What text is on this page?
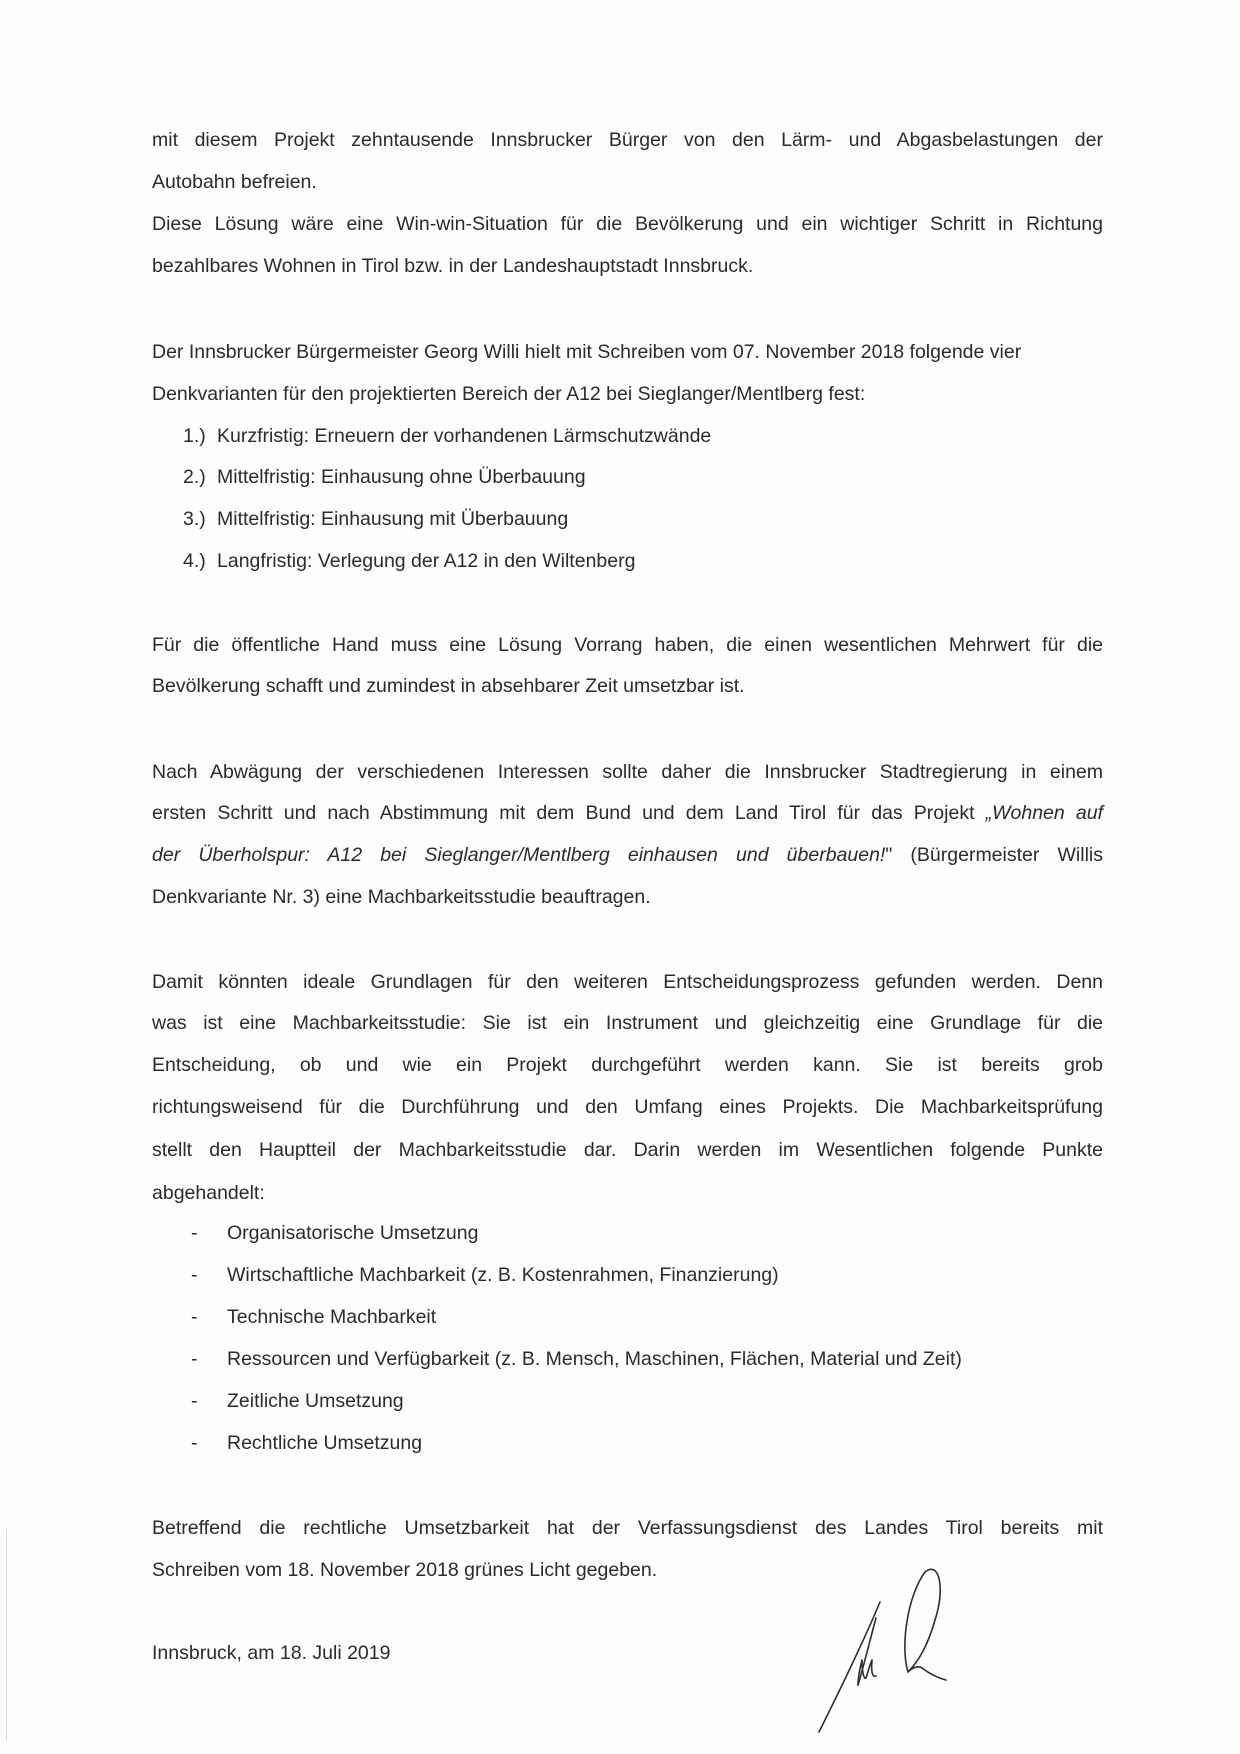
mit diesem Projekt zehntausende Innsbrucker Bürger von den Lärm- und Abgasbelastungen der
Autobahn befreien.
Diese Lösung wäre eine Win-win-Situation für die Bevölkerung und ein wichtiger Schritt in Richtung
bezahlbares Wohnen in Tirol bzw. in der Landeshauptstadt Innsbruck.
Der Innsbrucker Bürgermeister Georg Willi hielt mit Schreiben vom 07. November 2018 folgende vier
Denkvarianten für den projektierten Bereich der A12 bei Sieglanger/Mentlberg fest:
1.) Kurzfristig: Erneuern der vorhandenen Lärmschutzwände
2.) Mittelfristig: Einhausung ohne Überbauung
3.) Mittelfristig: Einhausung mit Überbauung
4.) Langfristig: Verlegung der A12 in den Wiltenberg
Für die öffentliche Hand muss eine Lösung Vorrang haben, die einen wesentlichen Mehrwert für die
Bevölkerung schafft und zumindest in absehbarer Zeit umsetzbar ist.
Nach Abwägung der verschiedenen Interessen sollte daher die Innsbrucker Stadtregierung in einem
ersten Schritt und nach Abstimmung mit dem Bund und dem Land Tirol für das Projekt „Wohnen auf
der Überholspur: A12 bei Sieglanger/Mentlberg einhausen und überbauen!" (Bürgermeister Willis
Denkvariante Nr. 3) eine Machbarkeitsstudie beauftragen.
Damit könnten ideale Grundlagen für den weiteren Entscheidungsprozess gefunden werden. Denn
was ist eine Machbarkeitsstudie: Sie ist ein Instrument und gleichzeitig eine Grundlage für die
Entscheidung, ob und wie ein Projekt durchgeführt werden kann. Sie ist bereits grob
richtungsweisend für die Durchführung und den Umfang eines Projekts. Die Machbarkeitsprüfung
stellt den Hauptteil der Machbarkeitsstudie dar. Darin werden im Wesentlichen folgende Punkte
abgehandelt:
- Organisatorische Umsetzung
- Wirtschaftliche Machbarkeit (z. B. Kostenrahmen, Finanzierung)
- Technische Machbarkeit
- Ressourcen und Verfügbarkeit (z. B. Mensch, Maschinen, Flächen, Material und Zeit)
- Zeitliche Umsetzung
- Rechtliche Umsetzung
Betreffend die rechtliche Umsetzbarkeit hat der Verfassungsdienst des Landes Tirol bereits mit
Schreiben vom 18. November 2018 grünes Licht gegeben.
Innsbruck, am 18. Juli 2019
